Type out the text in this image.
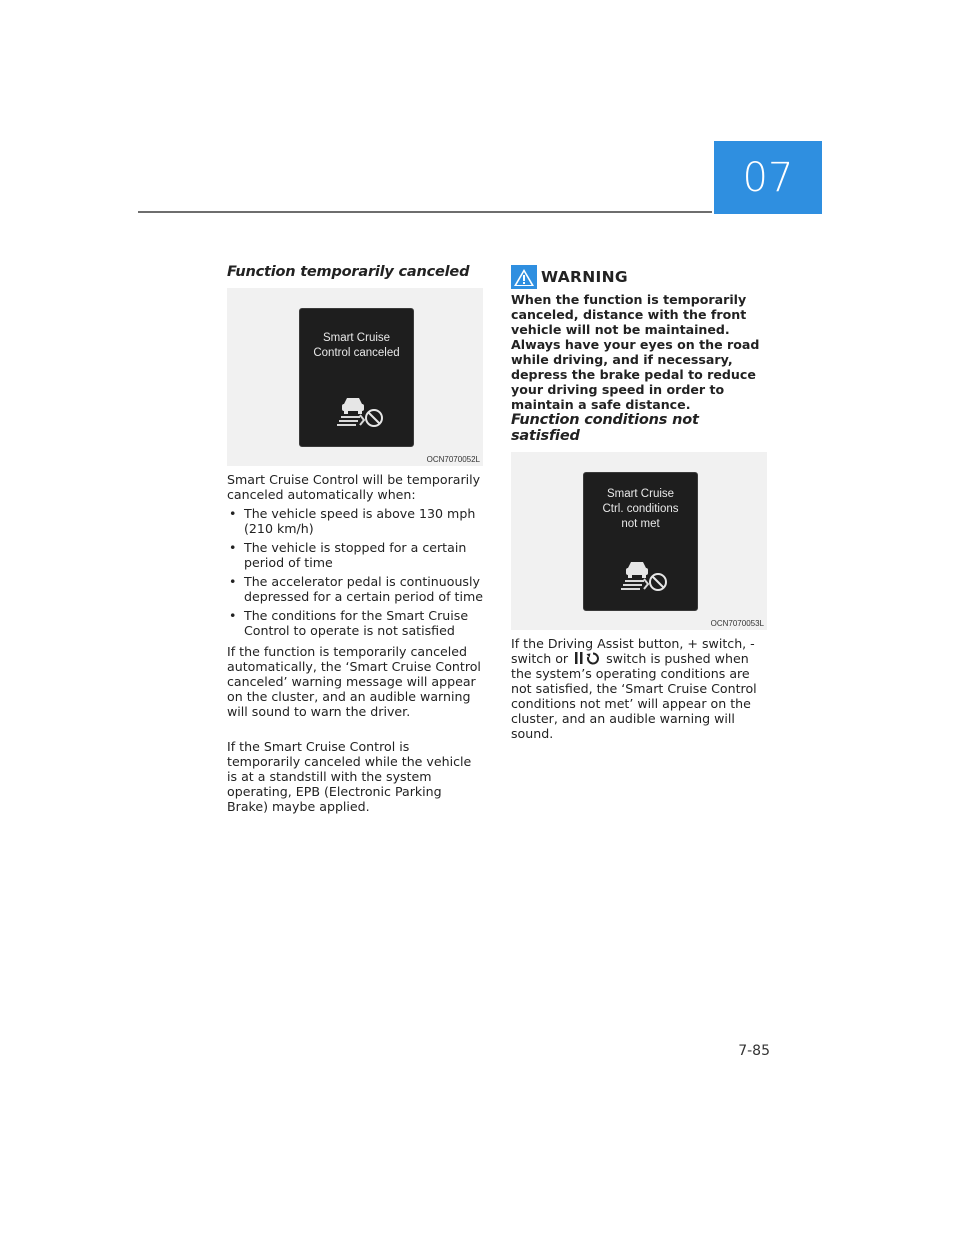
07
Function temporarily canceled
Smart Cruise
Control canceled
OCN7070052L

Smart Cruise Control will be temporarily canceled automatically when:

• The vehicle speed is above 130 mph (210 km/h)
• The vehicle is stopped for a certain period of time
• The accelerator pedal is continuously depressed for a certain period of time
• The conditions for the Smart Cruise Control to operate is not satisfied

If the function is temporarily canceled automatically, the ‘Smart Cruise Control canceled’ warning message will appear on the cluster, and an audible warning will sound to warn the driver.

If the Smart Cruise Control is temporarily canceled while the vehicle is at a standstill with the system operating, EPB (Electronic Parking Brake) maybe applied.

WARNING

When the function is temporarily canceled, distance with the front vehicle will not be maintained. Always have your eyes on the road while driving, and if necessary, depress the brake pedal to reduce your driving speed in order to maintain a safe distance.

Function conditions not satisfied
Smart Cruise
Ctrl. conditions
not met
OCN7070053L

If the Driving Assist button, + switch, - switch or	switch is pushed when the system’s operating conditions are not satisfied, the ‘Smart Cruise Control conditions not met’ will appear on the cluster, and an audible warning will sound.

7-85
